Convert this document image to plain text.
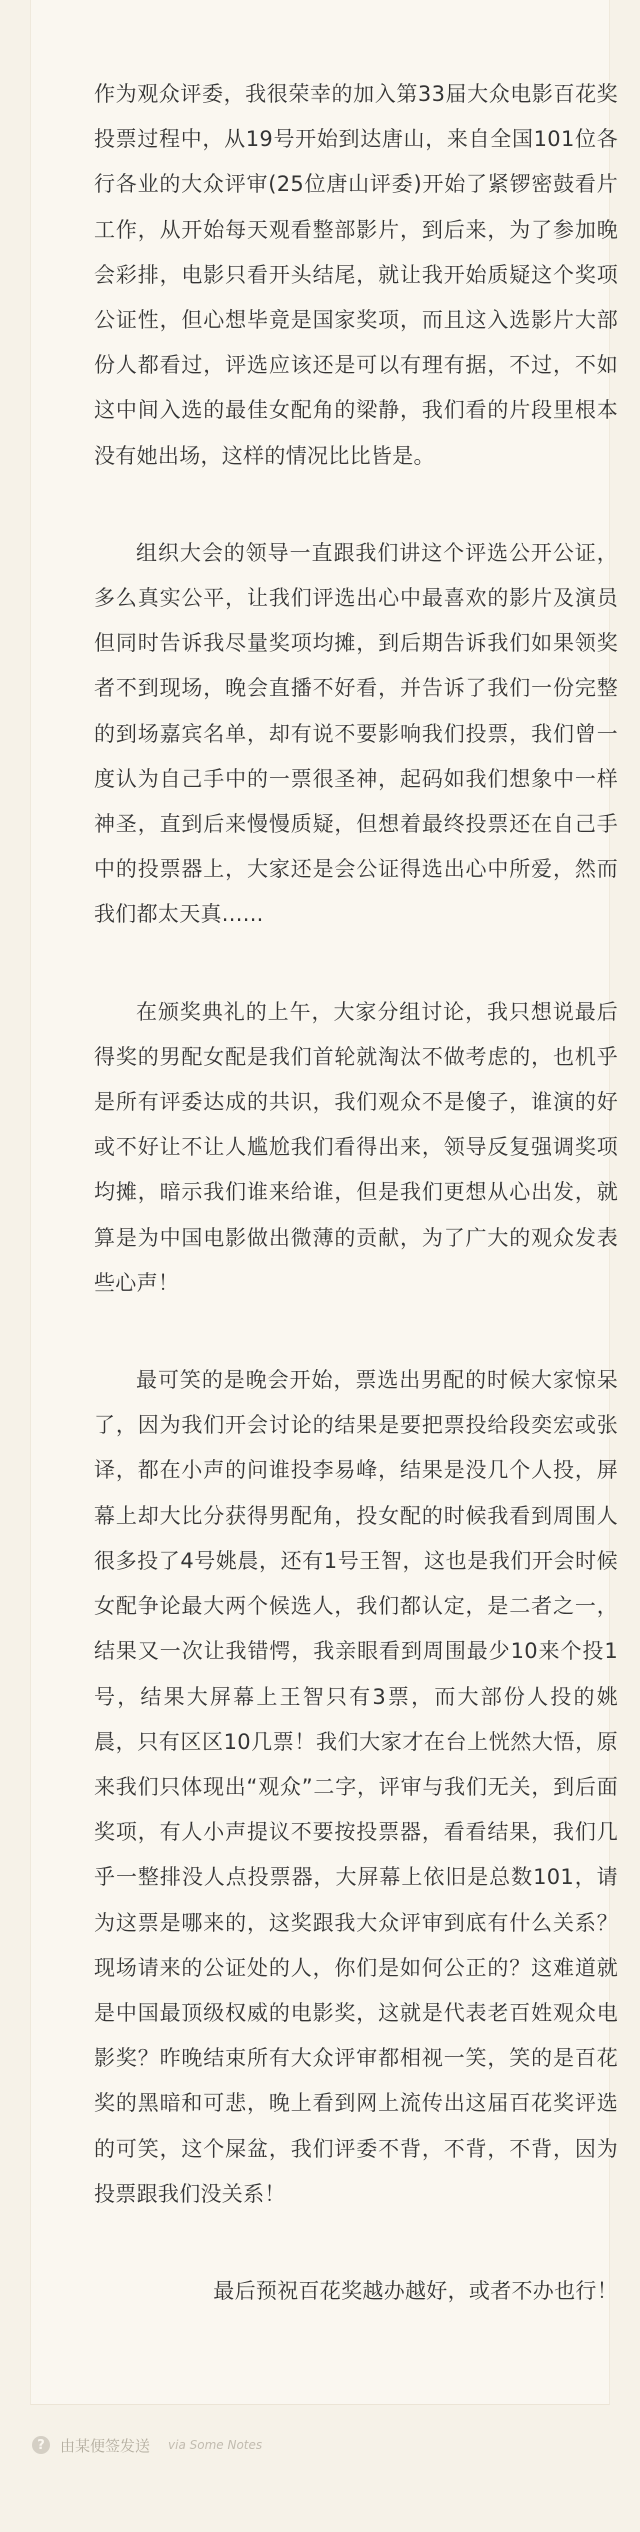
作为观众评委，我很荣幸的加入第33届大众电影百花奖投票过程中，从19号开始到达唐山，来自全国101位各行各业的大众评审(25位唐山评委)开始了紧锣密鼓看片工作，从开始每天观看整部影片，到后来，为了参加晚会彩排，电影只看开头结尾，就让我开始质疑这个奖项公证性，但心想毕竟是国家奖项，而且这入选影片大部份人都看过，评选应该还是可以有理有据，不过，不如这中间入选的最佳女配角的梁静，我们看的片段里根本没有她出场，这样的情况比比皆是。

组织大会的领导一直跟我们讲这个评选公开公证，多么真实公平，让我们评选出心中最喜欢的影片及演员但同时告诉我尽量奖项均摊，到后期告诉我们如果领奖者不到现场，晚会直播不好看，并告诉了我们一份完整的到场嘉宾名单，却有说不要影响我们投票，我们曾一度认为自己手中的一票很圣神，起码如我们想象中一样神圣，直到后来慢慢质疑，但想着最终投票还在自己手中的投票器上，大家还是会公证得选出心中所爱，然而我们都太天真......

在颁奖典礼的上午，大家分组讨论，我只想说最后得奖的男配女配是我们首轮就淘汰不做考虑的，也机乎是所有评委达成的共识，我们观众不是傻子，谁演的好或不好让不让人尴尬我们看得出来，领导反复强调奖项均摊，暗示我们谁来给谁，但是我们更想从心出发，就算是为中国电影做出微薄的贡献，为了广大的观众发表些心声！

最可笑的是晚会开始，票选出男配的时候大家惊呆了，因为我们开会讨论的结果是要把票投给段奕宏或张译，都在小声的问谁投李易峰，结果是没几个人投，屏幕上却大比分获得男配角，投女配的时候我看到周围人很多投了4号姚晨，还有1号王智，这也是我们开会时候女配争论最大两个候选人，我们都认定，是二者之一，结果又一次让我错愕，我亲眼看到周围最少10来个投1号，结果大屏幕上王智只有3票，而大部份人投的姚晨，只有区区10几票！我们大家才在台上恍然大悟，原来我们只体现出“观众”二字，评审与我们无关，到后面奖项，有人小声提议不要按投票器，看看结果，我们几乎一整排没人点投票器，大屏幕上依旧是总数101，请为这票是哪来的，这奖跟我大众评审到底有什么关系？现场请来的公证处的人，你们是如何公正的？这难道就是中国最顶级权威的电影奖，这就是代表老百姓观众电影奖？昨晚结束所有大众评审都相视一笑，笑的是百花奖的黑暗和可悲，晚上看到网上流传出这届百花奖评选的可笑，这个屎盆，我们评委不背，不背，不背，因为投票跟我们没关系！

最后预祝百花奖越办越好，或者不办也行！

?	由某便签发送 via Some Notes
